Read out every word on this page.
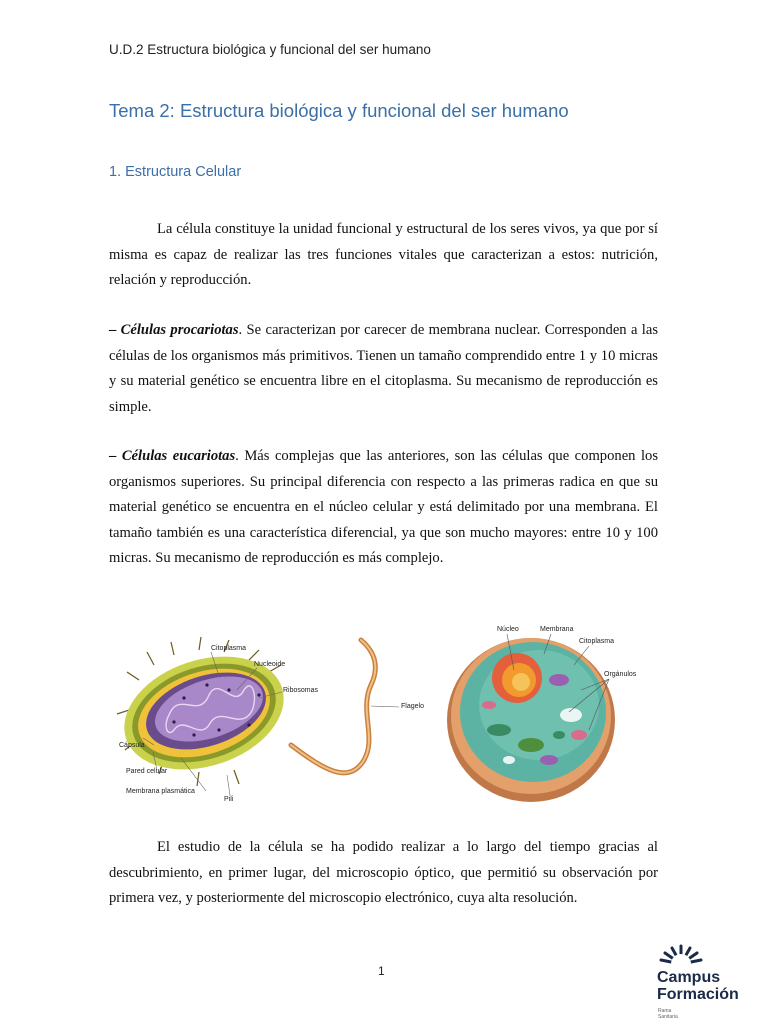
U.D.2 Estructura biológica y funcional del ser humano
Tema 2: Estructura biológica y funcional del ser humano
1. Estructura Celular

La célula constituye la unidad funcional y estructural de los seres vivos, ya que por sí misma es capaz de realizar las tres funciones vitales que caracterizan a estos: nutrición, relación y reproducción.

– Células procariotas. Se caracterizan por carecer de membrana nuclear. Corresponden a las células de los organismos más primitivos. Tienen un tamaño comprendido entre 1 y 10 micras y su material genético se encuentra libre en el citoplasma. Su mecanismo de reproducción es simple.

– Células eucariotas. Más complejas que las anteriores, son las células que componen los organismos superiores. Su principal diferencia con respecto a las primeras radica en que su material genético se encuentra en el núcleo celular y está delimitado por una membrana. El tamaño también es una característica diferencial, ya que son mucho mayores: entre 10 y 100 micras. Su mecanismo de reproducción es más complejo.

Citoplasma
Nucleoide
Ribosomas
Flagelo
Cápsula
Pared celular
Membrana plasmática
Pili
Núcleo	Membrana
Citoplasma
Orgánulos

El estudio de la célula se ha podido realizar a lo largo del tiempo gracias al descubrimiento, en primer lugar, del microscopio óptico, que permitió su observación por primera vez, y posteriormente del microscopio electrónico, cuya alta resolución.

1	Campus
Formación
Rama
Sanitaria
